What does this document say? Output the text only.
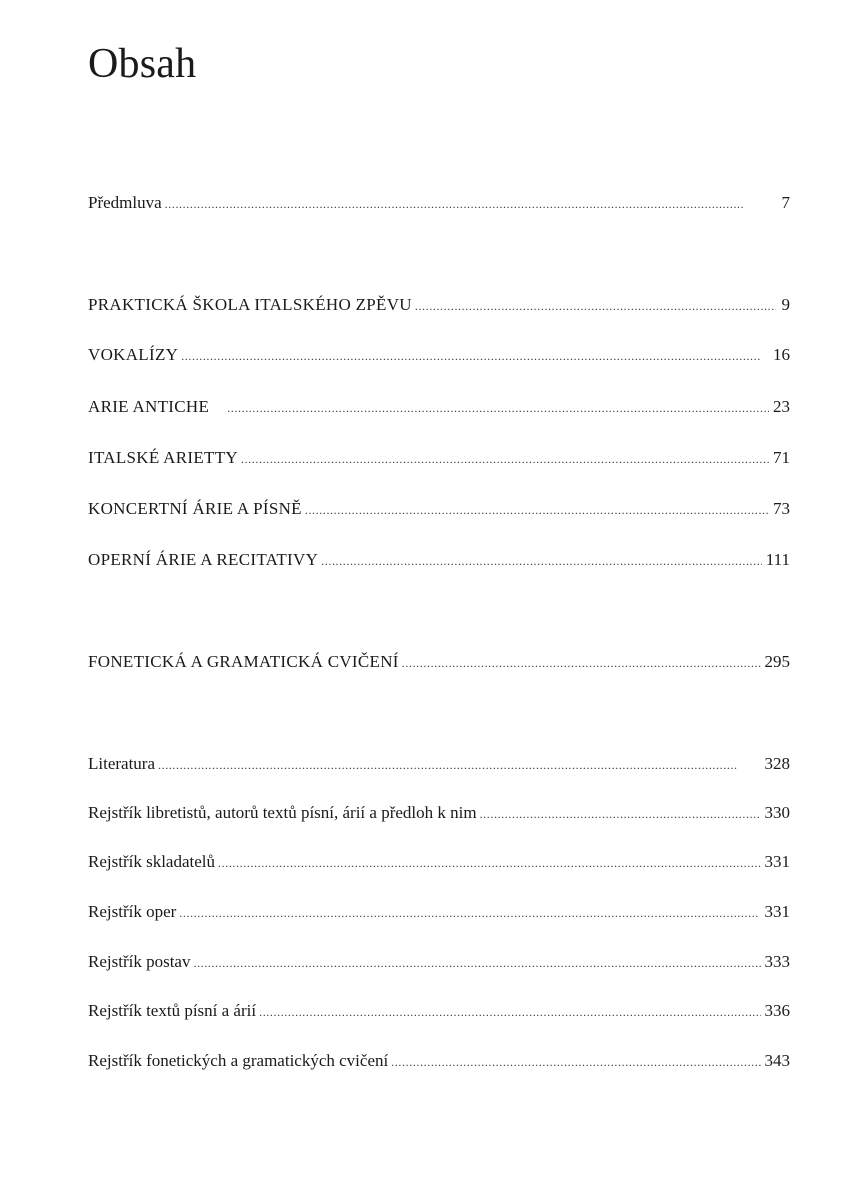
Obsah
Předmluva . . .	7
PRAKTICKÁ ŠKOLA ITALSKÉHO ZPĚVU . . .	9
VOKALÍZY . . .	16
ARIE ANTICHE . . .	23
ITALSKÉ ARIETTY . . .	71
KONCERTNÍ ÁRIE A PÍSNĚ . . .	73
OPERNÍ ÁRIE A RECITATIVY . . .	111
FONETICKÁ A GRAMATICKÁ CVIČENÍ . . .	295
Literatura . . .	328
Rejstřík libretistů, autorů textů písní, árií a předloh k nim . . .	330
Rejstřík skladatelů . . .	331
Rejstřík oper . . .	331
Rejstřík postav . . .	333
Rejstřík textů písní a árií . . .	336
Rejstřík fonetických a gramatických cvičení . . .	343
